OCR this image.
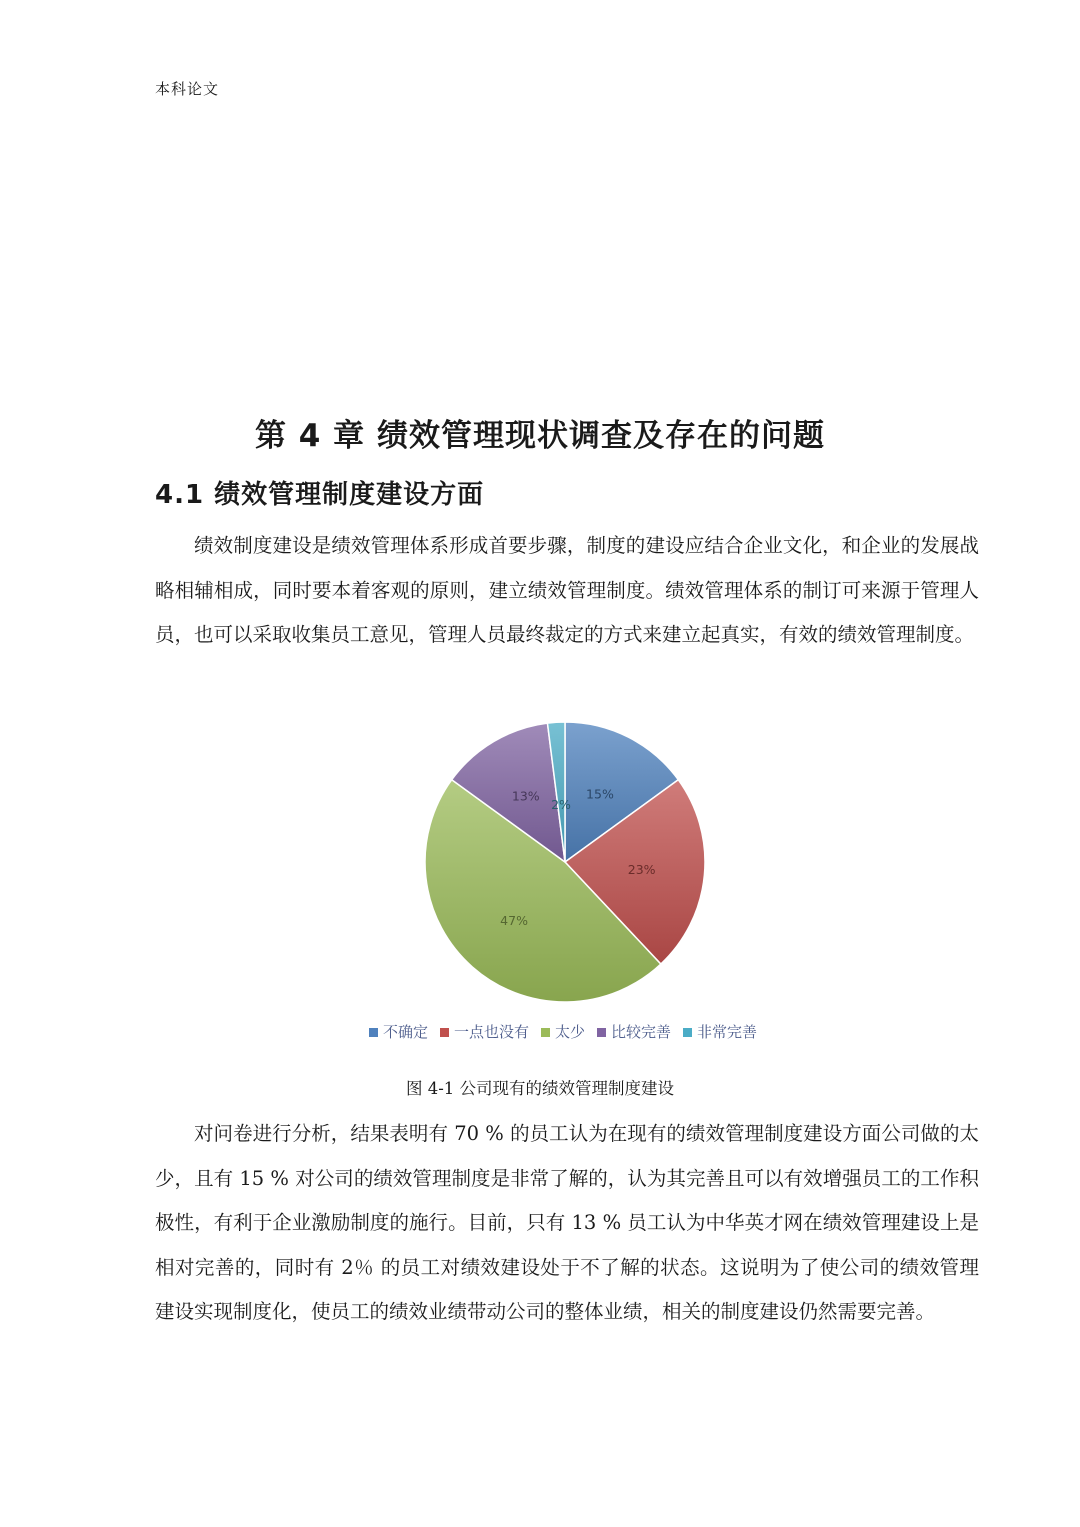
本科论文
第 4 章 绩效管理现状调查及存在的问题
4.1 绩效管理制度建设方面

绩效制度建设是绩效管理体系形成首要步骤，制度的建设应结合企业文化，和企业的发展战略相辅相成，同时要本着客观的原则，建立绩效管理制度。绩效管理体系的制订可来源于管理人员，也可以采取收集员工意见，管理人员最终裁定的方式来建立起真实，有效的绩效管理制度。

15%
23%
47%
13%
2%
不确定 一点也没有 太少 比较完善 非常完善
图 4-1 公司现有的绩效管理制度建设

对问卷进行分析，结果表明有 70 % 的员工认为在现有的绩效管理制度建设方面公司做的太少，且有 15 % 对公司的绩效管理制度是非常了解的，认为其完善且可以有效增强员工的工作积极性，有利于企业激励制度的施行。目前，只有 13 % 员工认为中华英才网在绩效管理建设上是相对完善的，同时有 2％ 的员工对绩效建设处于不了解的状态。这说明为了使公司的绩效管理建设实现制度化，使员工的绩效业绩带动公司的整体业绩，相关的制度建设仍然需要完善。
